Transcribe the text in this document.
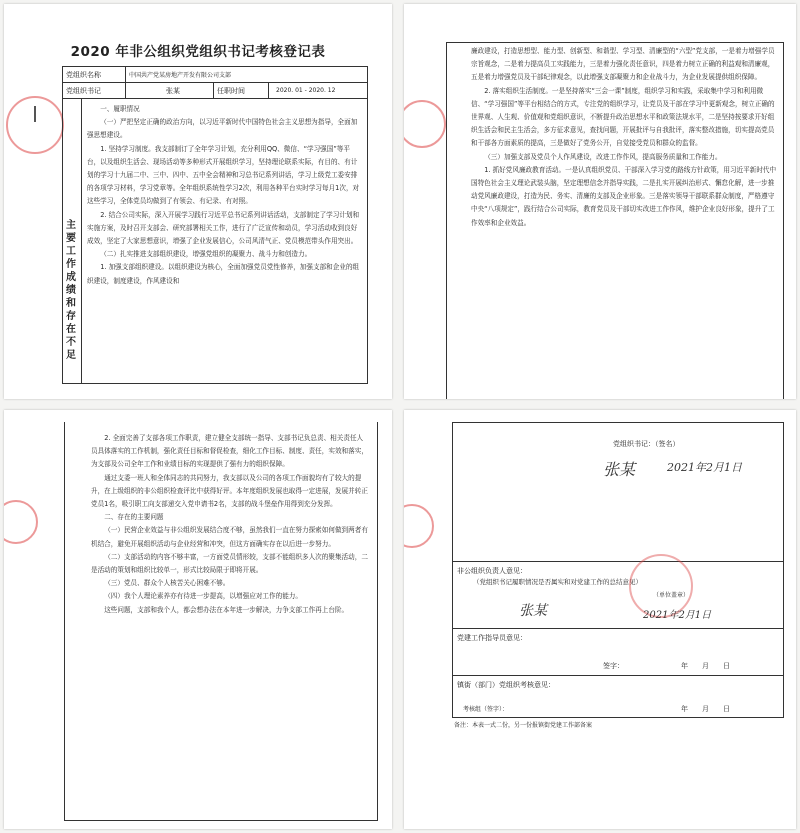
2020 年非公组织党组织书记考核登记表
党组织名称	中国共产党某房地产开发有限公司支部
党组织书记	张某	任职时间	2020. 01 - 2020. 12
主要工作成绩和存在不足

一、履职情况

（一）严把坚定正确的政治方向，以习近平新时代中国特色社会主义思想为指导，全面加强思想建设。

1. 坚持学习制度。我支部制订了全年学习计划，充分利用QQ、微信、“学习强国”等平台，以及组织生活会、现场活动等多种形式开展组织学习，坚持理论联系实际，有目的、有计划的学习十九届二中、三中、四中、五中全会精神和习总书记系列讲话，学习上级党工委安排的各项学习材料，学习党章等。全年组织系统性学习2次，利用各种平台实时学习每月1次，对这些学习，全体党员均做到了有领会、有记录、有对照。

2. 结合公司实际，深入开展学习践行习近平总书记系列讲话活动，支部制定了学习计划和实施方案，及时召开支部会、研究部署相关工作，进行了广泛宣传和动员，学习活动收到良好成效，坚定了大家思想意识，增强了企业发展信心，公司风清气正、党员模范带头作用突出。

（二）扎实推进支部组织建设，增强党组织的凝聚力、战斗力和创造力。

1. 加强支部组织建设。以组织建设为核心，全面加强党员党性修养，加强支部和企业的组织建设，制度建设，作风建设和

廉政建设，打造思想型、能力型、创新型、和谐型、学习型、清廉型的“六型”党支部，一是着力增强学员宗旨观念，二是着力提高员工实践能力，三是着力强化责任意识，四是着力树立正确的利益观和清廉观，五是着力增强党员及干部纪律观念，以此增强支部凝聚力和企业战斗力，为企业发展提供组织保障。

2. 落实组织生活制度。一是坚持落实“三会一课”制度，组织学习和实践，采取集中学习和利用微信、“学习强国”等平台相结合的方式，专注党的组织学习，让党员及干部在学习中更新观念，树立正确的世界观、人生观、价值观和党组织意识，不断提升政治思想水平和政策法规水平，二是坚持按要求开好组织生活会和民主生活会，多方征求意见，查找问题，开展批评与自我批评，落实整改措施，切实提高党员和干部各方面素质的提高，三是做好了党务公开，自觉接受党员和群众的监督。

（三）加强支部及党员个人作风建设，改进工作作风，提高服务质量和工作能力。

1. 抓好党风廉政教育活动。一是认真组织党员、干部深入学习党的路线方针政策，用习近平新时代中国特色社会主义理论武装头脑，坚定理想信念并指导实践，二是扎实开展纠治形式、懈怠化解，进一步推动党风廉政建设，打造为民、务实、清廉的支部及企业形象。三是落实领导干部联系群众制度，严格遵守中央“八项规定”，践行结合公司实际，教育党员及干部切实改进工作作风，维护企业良好形象，提升了工作效率和企业效益。

2. 全面完善了支部各项工作职责，建立健全支部统一指导、支部书记负总责、相关责任人员具体落实的工作机制，强化责任目标和督促检查，细化工作目标、制度、责任，实效和落实，为支部及公司全年工作和业绩目标的实现提供了强有力的组织保障。

通过支委一班人和全体同志的共同努力，我支部以及公司的各项工作面貌均有了较大的提升，在上级组织的非公组织检查评比中获得好评。本年度组织发展也取得一定进展，发展并转正党员1名，吸引职工向支部递交入党申请书2名，支部的战斗堡垒作用得到充分发挥。

二、存在的主要问题

（一）民营企业效益与非公组织发展结合度不够，虽然我们一直在努力探索如何做到两者有机结合，避免开展组织活动与企业经营和冲突，但这方面确实存在以后进一步努力。

（二）支部活动的内容不够丰富，一方面党员情形较，支部不能组织多人次的聚集活动，二是活动的策划和组织比较单一，形式比较局限于即将开展。

（三）党员、群众个人核苦关心困难不够。

（四）我个人理论素养亦有待进一步提高，以增强应对工作的能力。

这些问题，支部和我个人，都会想办法在本年进一步解决，力争支部工作再上台阶。

党组织书记：（签名）
张某	2021年2月1日
非公组织负责人意见：
（党组织书记履职情况是否属实和对党建工作的总结意见）
（单位盖章）
张某	2021年2月1日
党建工作指导员意见：
签字：	年　　月　　日
镇街（部门）党组织考核意见：
考核组（签字）：	年　　月　　日
备注：本表一式二份，另一份报镇街党建工作部备案
